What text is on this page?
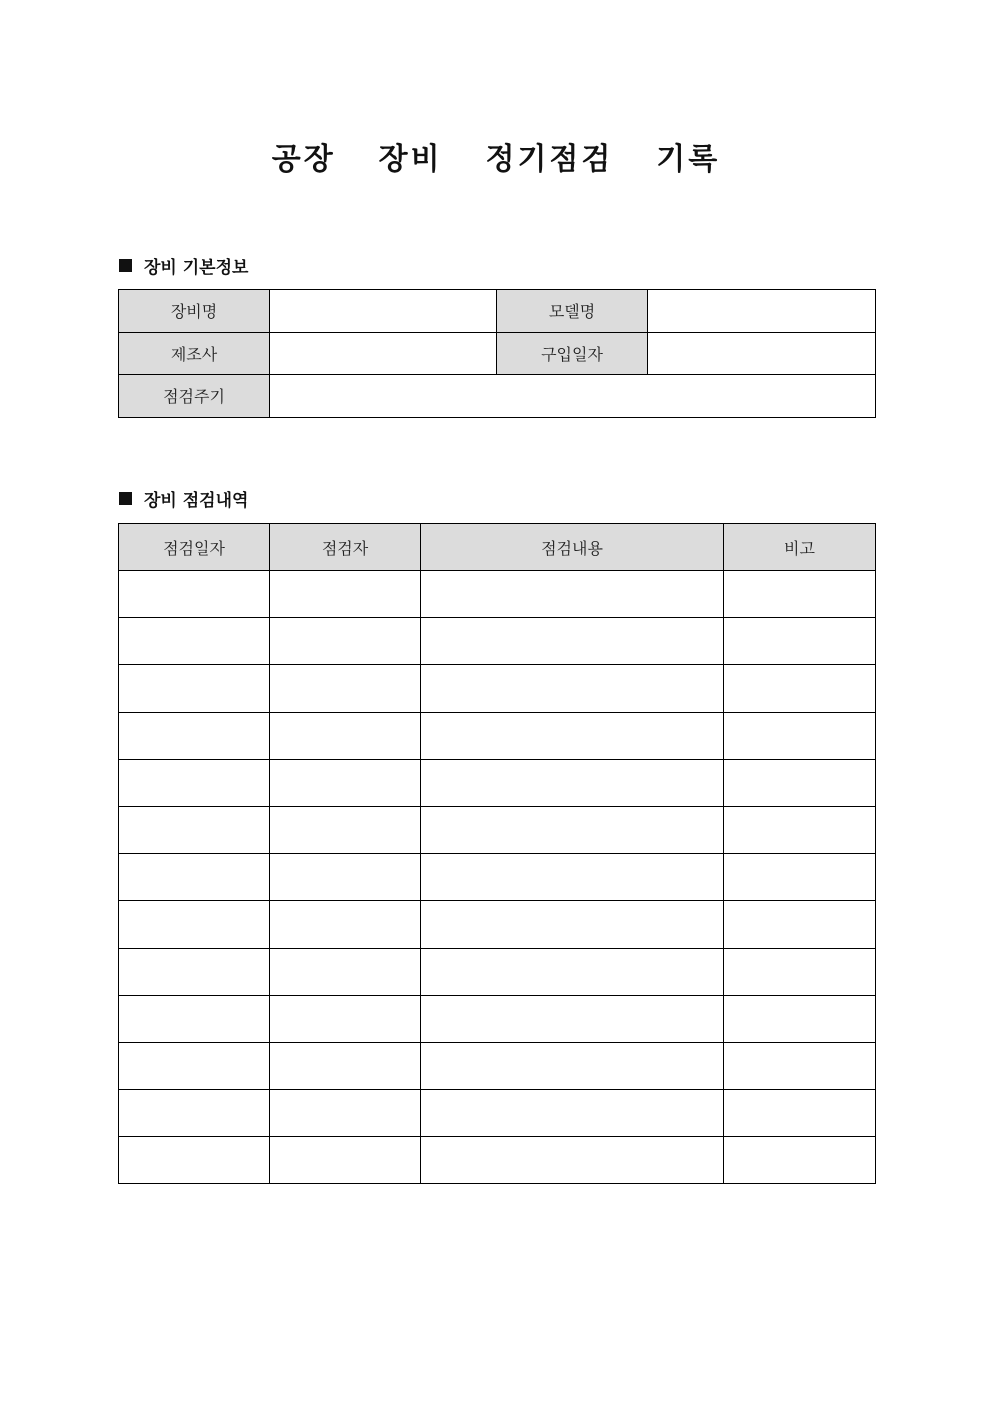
공장  장비  정기점검  기록
장비 기본정보
장비명		모델명	
제조사		구입일자	
점검주기			
장비 점검내역
점검일자	점검자	점검내용	비고
